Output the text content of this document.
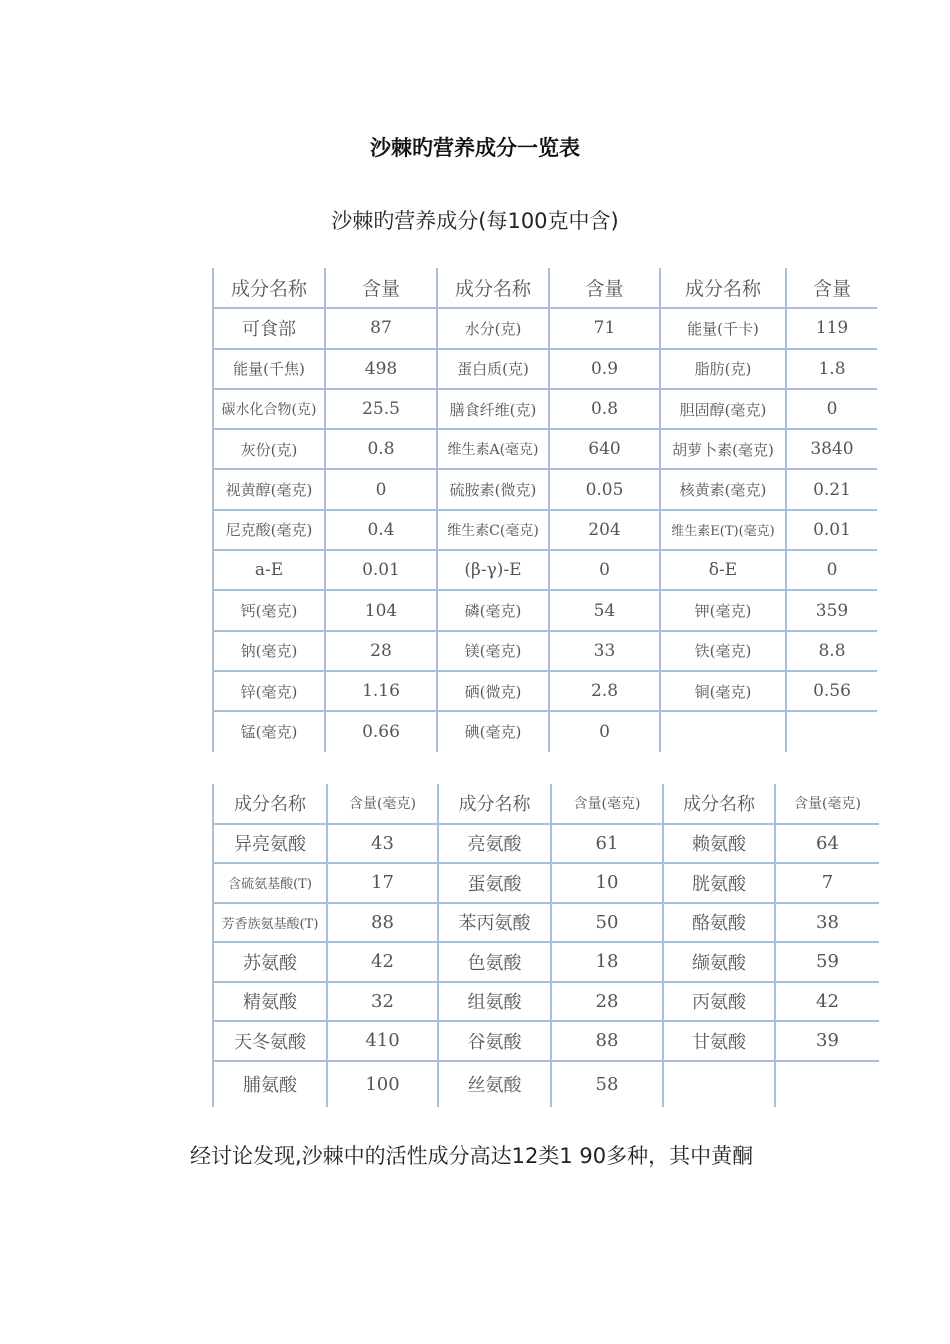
沙棘旳营养成分一览表
沙棘旳营养成分(每100克中含)
成分名称	含量	成分名称	含量	成分名称	含量
可食部	87	水分(克)	71	能量(千卡)	119
能量(千焦)	498	蛋白质(克)	0.9	脂肪(克)	1.8
碳水化合物(克)	25.5	膳食纤维(克)	0.8	胆固醇(毫克)	0
灰份(克)	0.8	维生素A(毫克)	640	胡萝卜素(毫克)	3840
视黄醇(毫克)	0	硫胺素(微克)	0.05	核黄素(毫克)	0.21
尼克酸(毫克)	0.4	维生素C(毫克)	204	维生素E(T)(毫克)	0.01
a-E	0.01	(β-γ)-E	0	δ-E	0
钙(毫克)	104	磷(毫克)	54	钾(毫克)	359
钠(毫克)	28	镁(毫克)	33	铁(毫克)	8.8
锌(毫克)	1.16	硒(微克)	2.8	铜(毫克)	0.56
锰(毫克)	0.66	碘(毫克)	0		
成分名称	含量(毫克)	成分名称	含量(毫克)	成分名称	含量(毫克)
异亮氨酸	43	亮氨酸	61	赖氨酸	64
含硫氨基酸(T)	17	蛋氨酸	10	胱氨酸	7
芳香族氨基酸(T)	88	苯丙氨酸	50	酪氨酸	38
苏氨酸	42	色氨酸	18	缬氨酸	59
精氨酸	32	组氨酸	28	丙氨酸	42
天冬氨酸	410	谷氨酸	88	甘氨酸	39
脯氨酸	100	丝氨酸	58		
经讨论发现,沙棘中的活性成分高达12类1 90多种，其中黄酮
